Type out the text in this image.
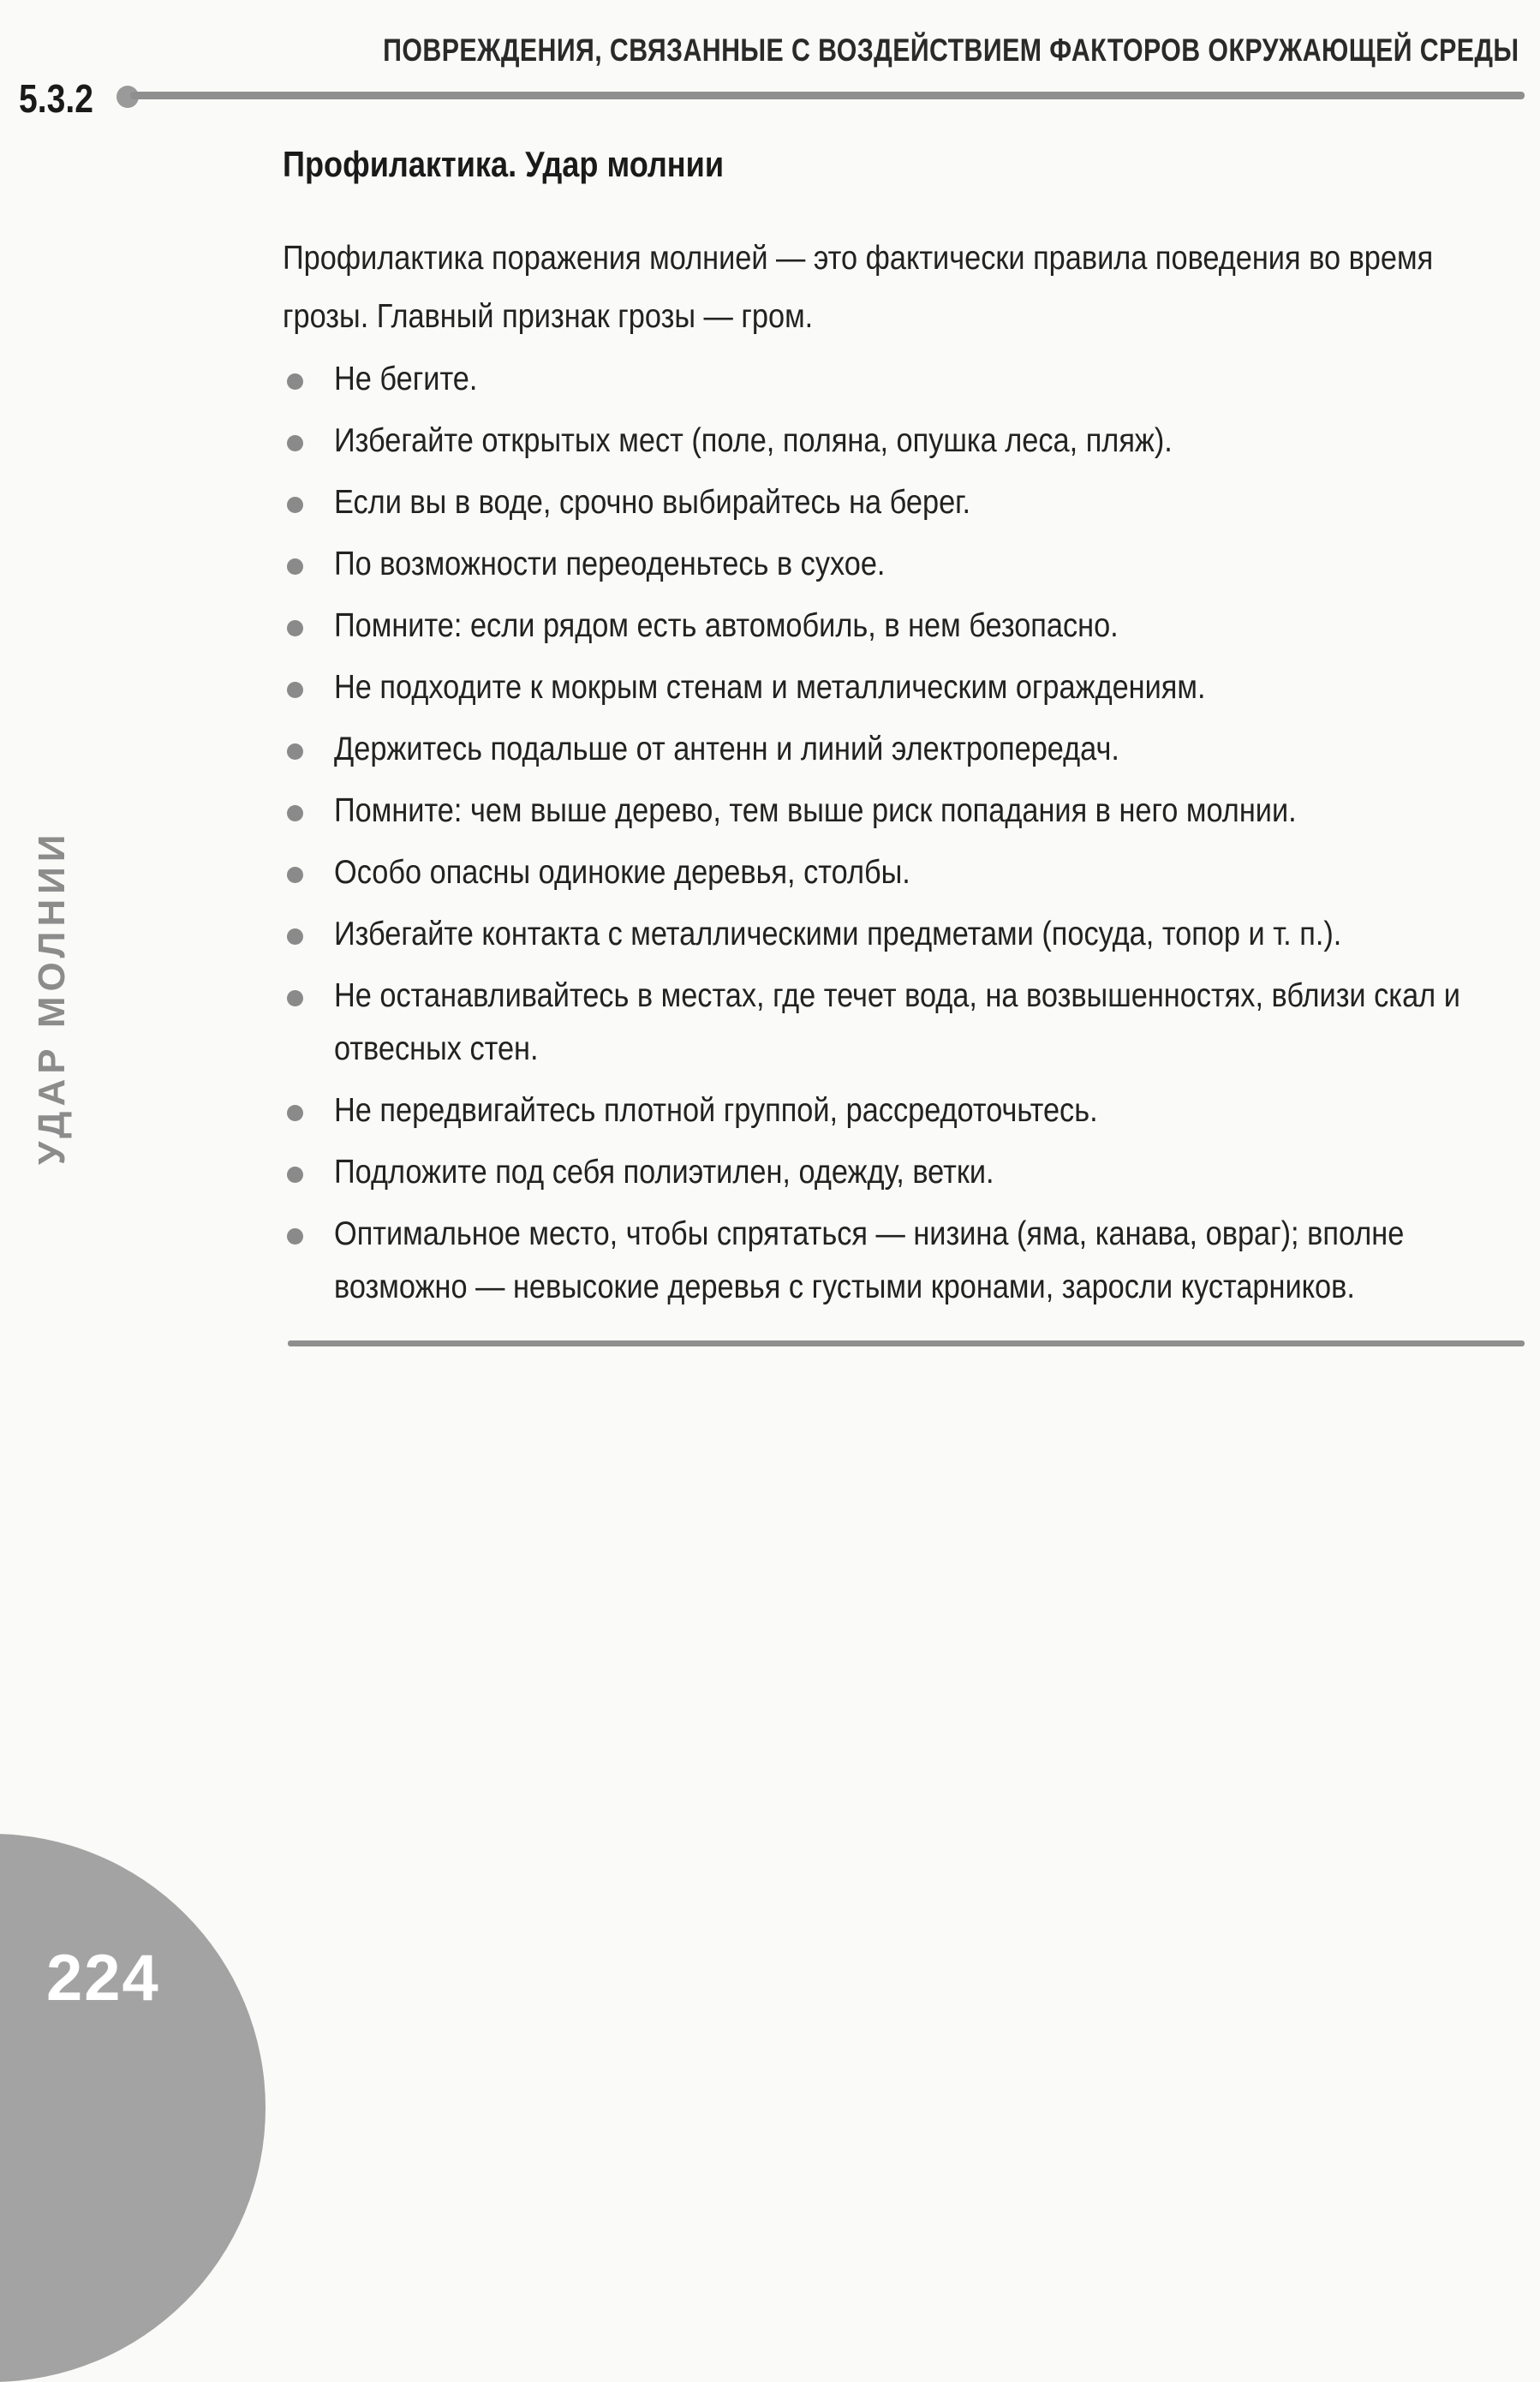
ПОВРЕЖДЕНИЯ, СВЯЗАННЫЕ С ВОЗДЕЙСТВИЕМ ФАКТОРОВ ОКРУЖАЮЩЕЙ СРЕДЫ
5.3.2
УДАР МОЛНИИ
224
Профилактика. Удар молнии

Профилактика поражения молнией — это фактически правила поведения во время грозы. Главный признак грозы — гром.

Не бегите.
Избегайте открытых мест (поле, поляна, опушка леса, пляж).
Если вы в воде, срочно выбирайтесь на берег.
По возможности переоденьтесь в сухое.
Помните: если рядом есть автомобиль, в нем безопасно.
Не подходите к мокрым стенам и металлическим ограждениям.
Держитесь подальше от антенн и линий электропередач.
Помните: чем выше дерево, тем выше риск попадания в него молнии.
Особо опасны одинокие деревья, столбы.
Избегайте контакта с металлическими предметами (посуда, топор и т. п.).
Не останавливайтесь в местах, где течет вода, на возвышенностях, вблизи скал и отвесных стен.
Не передвигайтесь плотной группой, рассредоточьтесь.
Подложите под себя полиэтилен, одежду, ветки.
Оптимальное место, чтобы спрятаться — низина (яма, канава, овраг); вполне возможно — невысокие деревья с густыми кронами, заросли кустарников.
